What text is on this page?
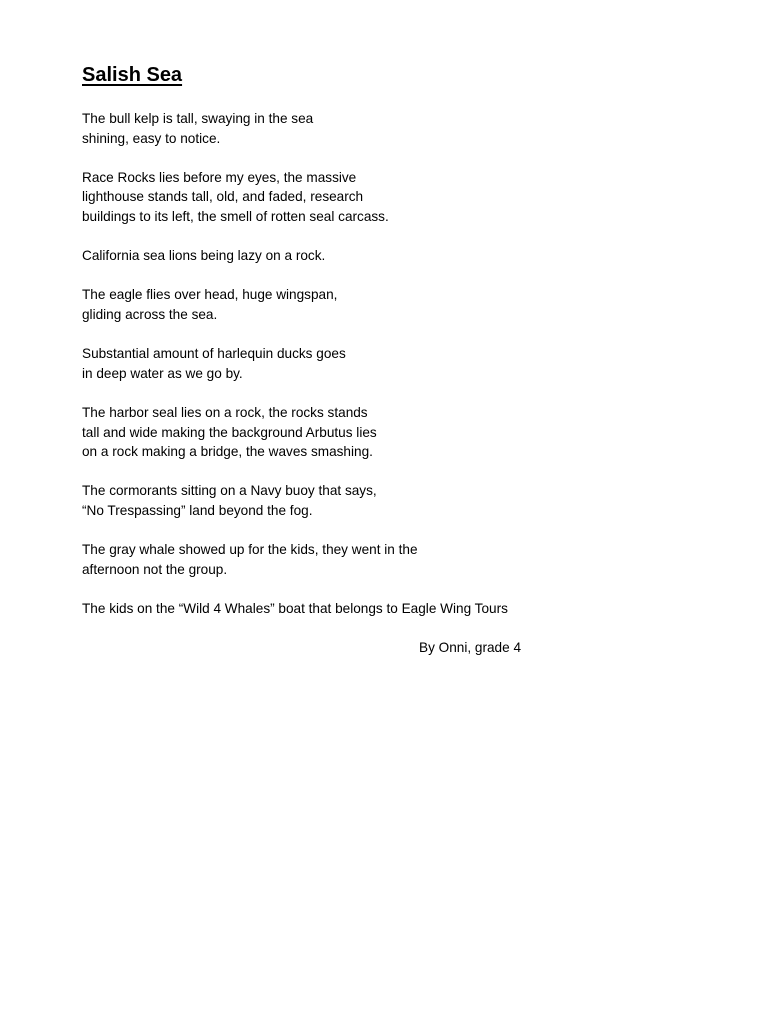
Salish Sea

The bull kelp is tall, swaying in the sea
shining, easy to notice.

Race Rocks lies before my eyes, the massive
lighthouse stands tall, old, and faded, research
buildings to its left, the smell of rotten seal carcass.

California sea lions being lazy on a rock.

The eagle flies over head, huge wingspan,
gliding across the sea.

Substantial amount of harlequin ducks goes
in deep water as we go by.

The harbor seal lies on a rock, the rocks stands
tall and wide making the background Arbutus lies
on a rock making a bridge, the waves smashing.

The cormorants sitting on a Navy buoy that says,
“No Trespassing” land beyond the fog.

The gray whale showed up for the kids, they went in the
afternoon not the group.

The kids on the “Wild 4 Whales” boat that belongs to Eagle Wing Tours

By Onni, grade 4
